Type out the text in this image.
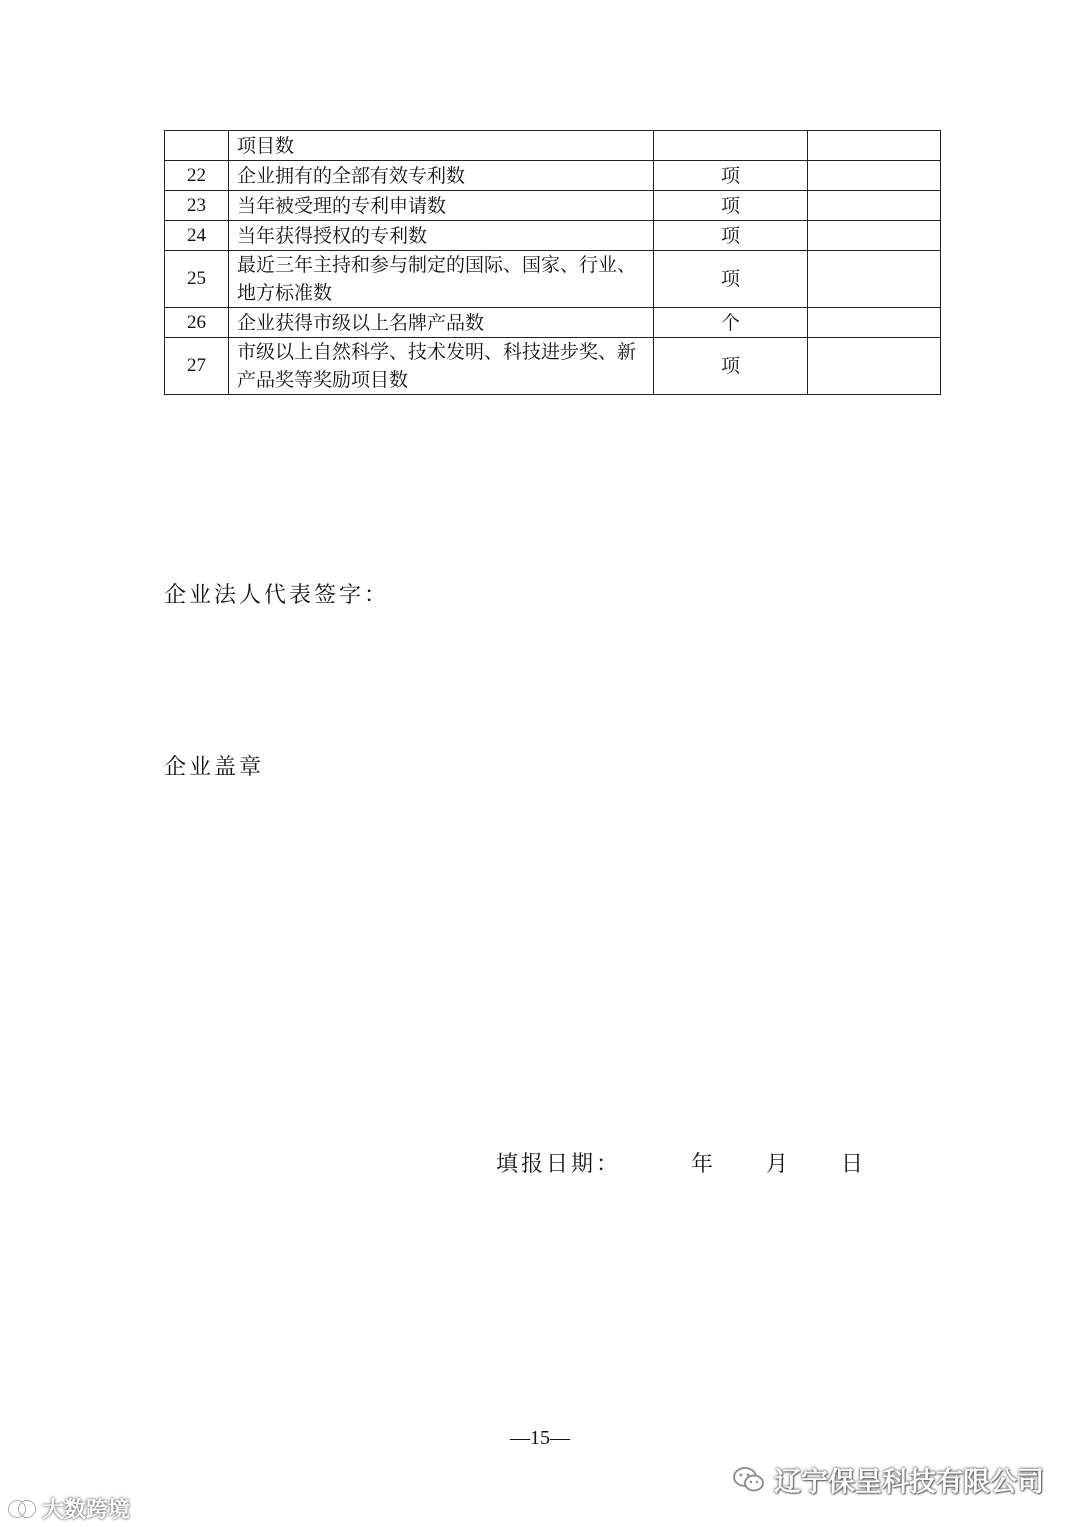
	项目数		
22	企业拥有的全部有效专利数	项	
23	当年被受理的专利申请数	项	
24	当年获得授权的专利数	项	
25	最近三年主持和参与制定的国际、国家、行业、地方标准数	项	
26	企业获得市级以上名牌产品数	个	
27	市级以上自然科学、技术发明、科技进步奖、新产品奖等奖励项目数	项	
企业法人代表签字：
企业盖章
填报日期：	年 月 日
—15—
大数跨境
辽宁保呈科技有限公司
